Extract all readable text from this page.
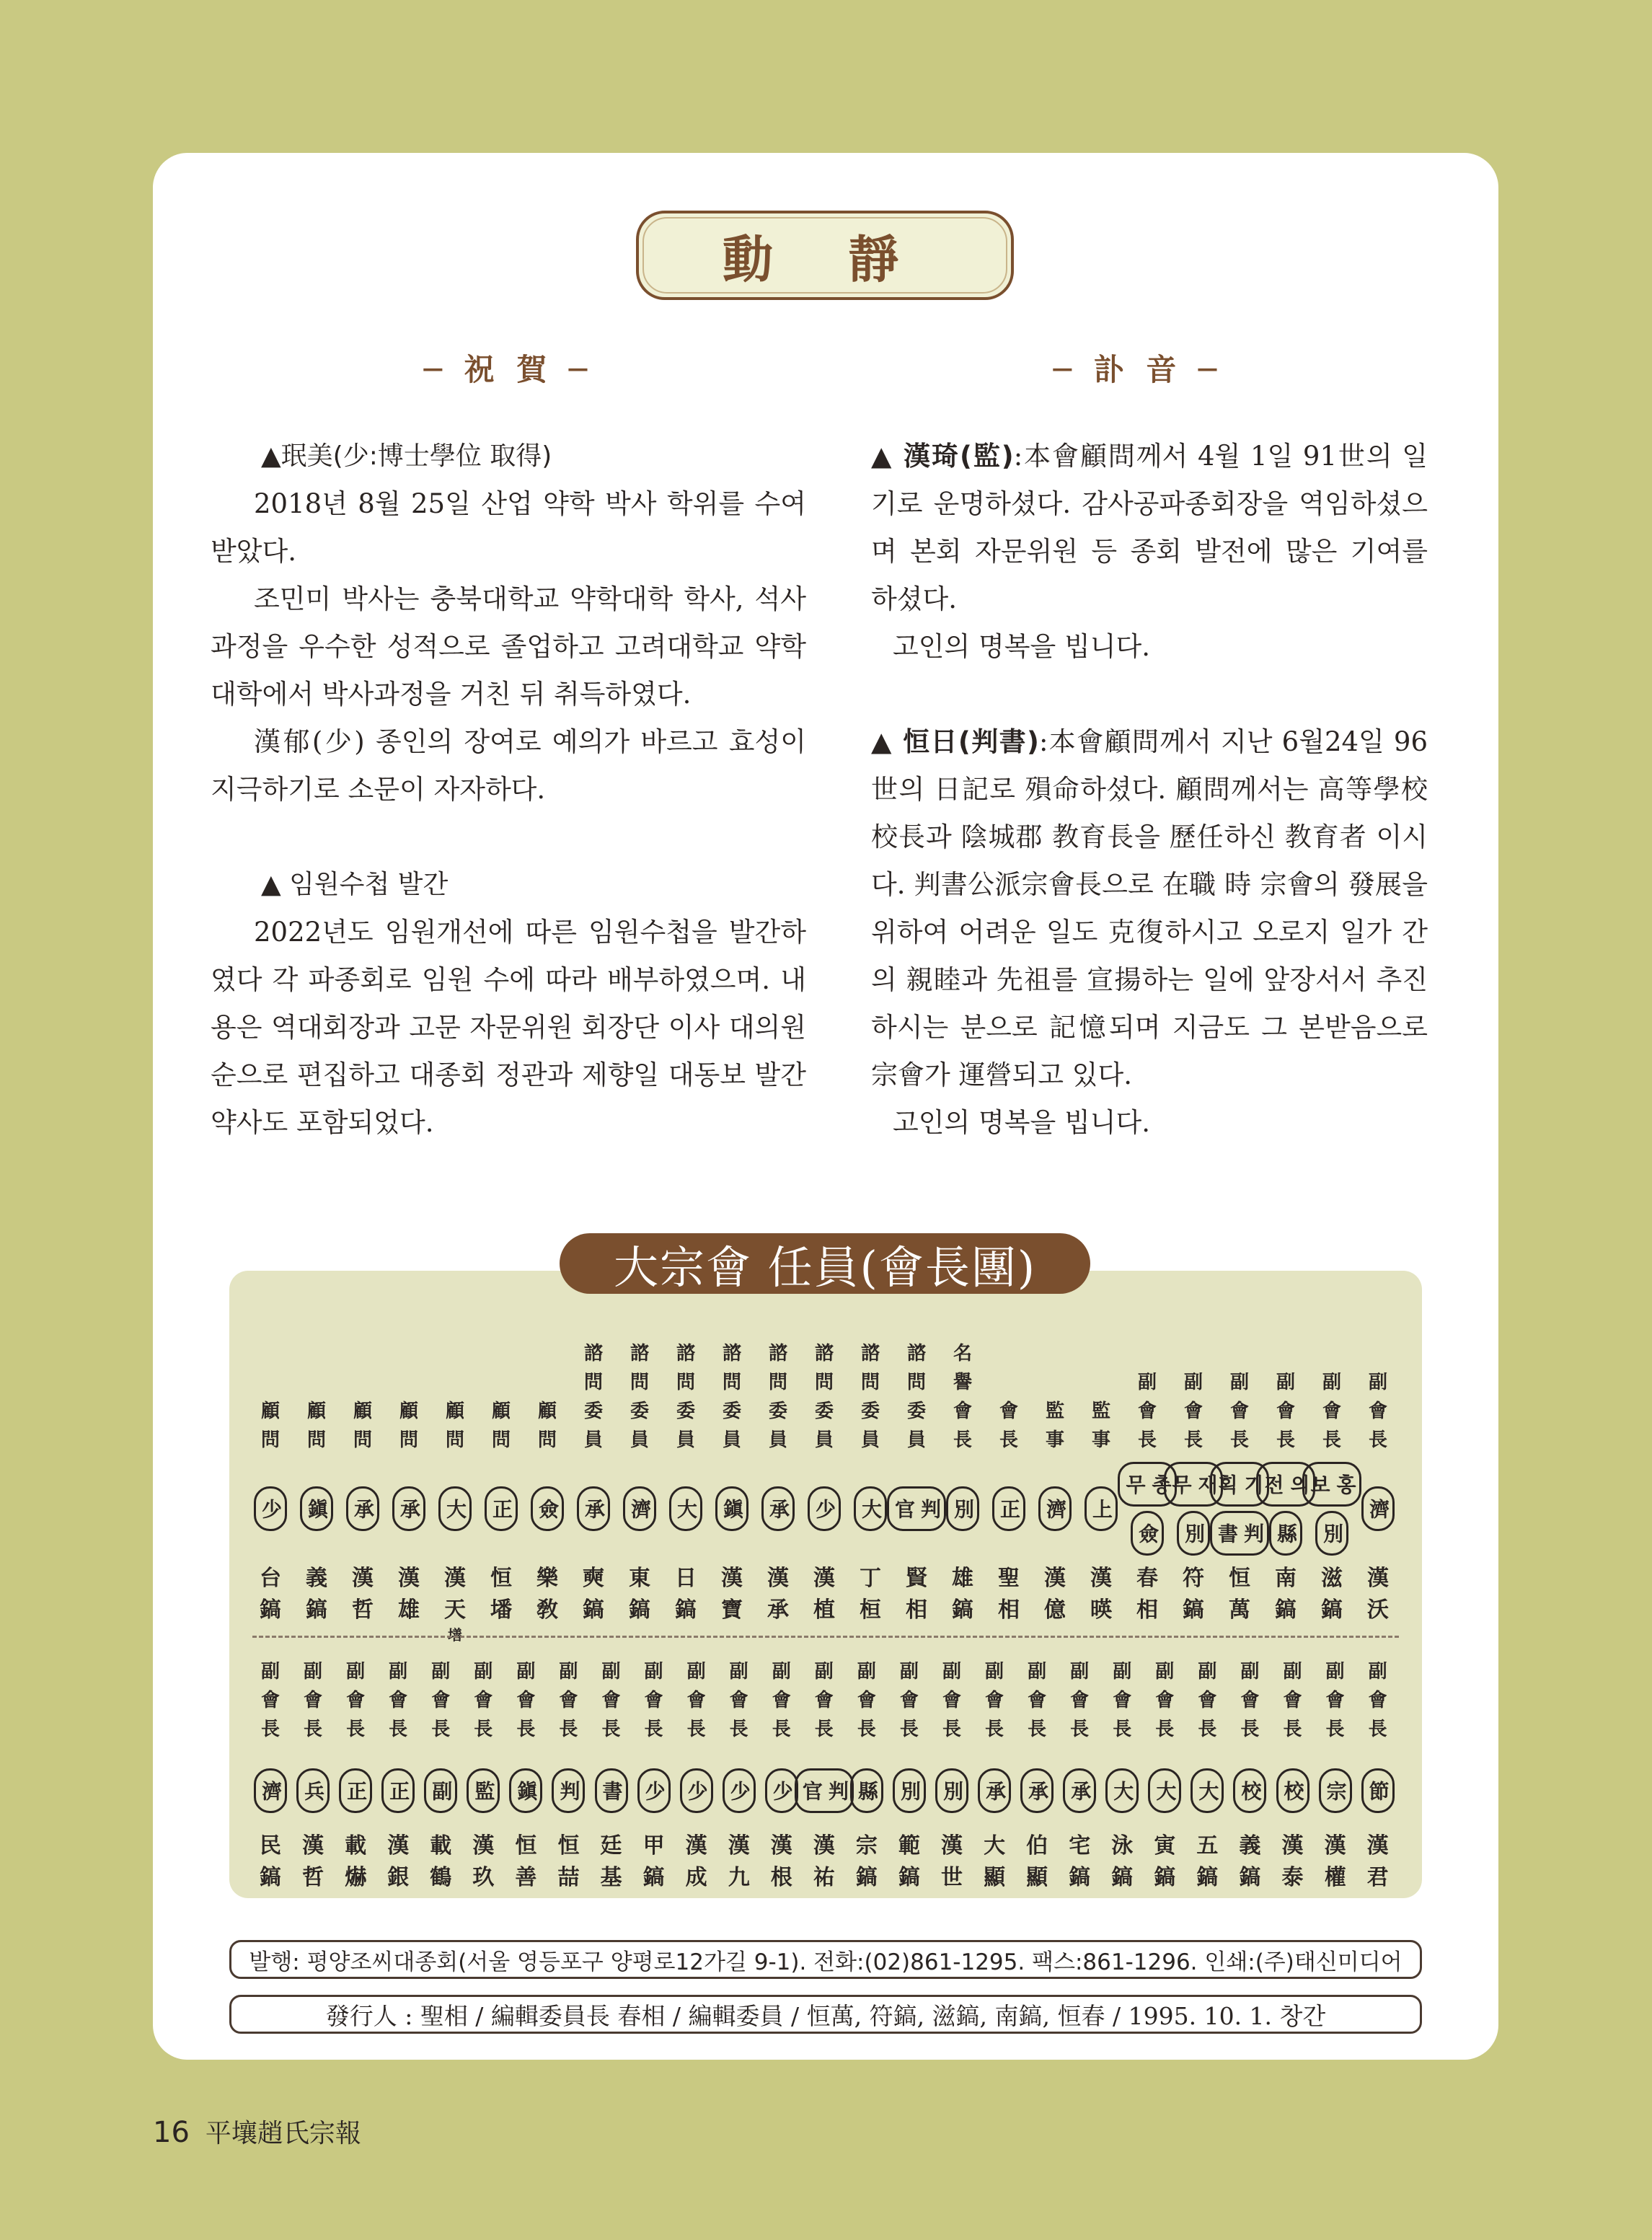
動 靜
─ 祝 賀 ─	─ 訃 音 ─

▲珉美(少:博士學位 取得)

2018년 8월 25일 산업 약학 박사 학위를 수여 받았다.

조민미 박사는 충북대학교 약학대학 학사, 석사과정을 우수한 성적으로 졸업하고 고려대학교 약학대학에서 박사과정을 거친 뒤 취득하였다.

漢郁(少) 종인의 장여로 예의가 바르고 효성이 지극하기로 소문이 자자하다.

▲ 임원수첩 발간

2022년도 임원개선에 따른 임원수첩을 발간하였다 각 파종회로 임원 수에 따라 배부하였으며. 내용은 역대회장과 고문 자문위원 회장단 이사 대의원순으로 편집하고 대종회 정관과 제향일 대동보 발간약사도 포함되었다.

▲ 漢琦(監):本會顧問께서 4월 1일 91世의 일기로 운명하셨다. 감사공파종회장을 역임하셨으며 본회 자문위원 등 종회 발전에 많은 기여를 하셨다.

고인의 명복을 빕니다.

▲ 恒日(判書):本會顧問께서 지난 6월24일 96世의 日記로 殞命하셨다. 顧問께서는 高等學校 校長과 陰城郡 教育長을 歷任하신 教育者 이시다. 判書公派宗會長으로 在職 時 宗會의 發展을 위하여 어려운 일도 克復하시고 오로지 일가 간의 親睦과 先祖를 宣揚하는 일에 앞장서서 추진하시는 분으로 記憶되며 지금도 그 본받음으로 宗會가 運營되고 있다.

고인의 명복을 빕니다.

大宗會 任員(會長團)
顧
問
少
台
鎬
顧
問
鎭
義
鎬
顧
問
承
漢
哲
顧
問
承
漢
雄
顧
問
大
漢
天
墡
顧
問
正
恒
墦
顧
問
僉
樂
敎
諮
問
委
員
承
奭
鎬
諮
問
委
員
濟
東
鎬
諮
問
委
員
大
日
鎬
諮
問
委
員
鎭
漢
寶
諮
問
委
員
承
漢
承
諮
問
委
員
少
漢
植
諮
問
委
員
大
丁
桓
諮
問
委
員
判官
賢
相
名
譽
會
長
別
雄
鎬
會
長
正
聖
相
監
事
濟
漢
億
監
事
上
漢
暎
副
會
長
총무
僉
春
相
副
會
長
재무
別
符
鎬
副
會
長
기획
判書
恒
萬
副
會
長
의전
縣
南
鎬
副
會
長
홍보
別
滋
鎬
副
會
長
濟
漢
沃
副
會
長
濟
民
鎬
副
會
長
兵
漢
哲
副
會
長
正
載
爀
副
會
長
正
漢
銀
副
會
長
副
載
鶴
副
會
長
監
漢
玖
副
會
長
鎭
恒
善
副
會
長
判
恒
喆
副
會
長
書
廷
基
副
會
長
少
甲
鎬
副
會
長
少
漢
成
副
會
長
少
漢
九
副
會
長
少
漢
根
副
會
長
判官
漢
祐
副
會
長
縣
宗
鎬
副
會
長
別
範
鎬
副
會
長
別
漢
世
副
會
長
承
大
顯
副
會
長
承
伯
顯
副
會
長
承
宅
鎬
副
會
長
大
泳
鎬
副
會
長
大
寅
鎬
副
會
長
大
五
鎬
副
會
長
校
義
鎬
副
會
長
校
漢
泰
副
會
長
宗
漢
權
副
會
長
節
漢
君
발행: 평양조씨대종회(서울 영등포구 양평로12가길 9-1). 전화:(02)861-1295. 팩스:861-1296. 인쇄:(주)태신미디어
發行人 : 聖相 / 編輯委員長 春相 / 編輯委員 / 恒萬, 符鎬, 滋鎬, 南鎬, 恒春 / 1995. 10. 1. 창간
16 平壤趙氏宗報
